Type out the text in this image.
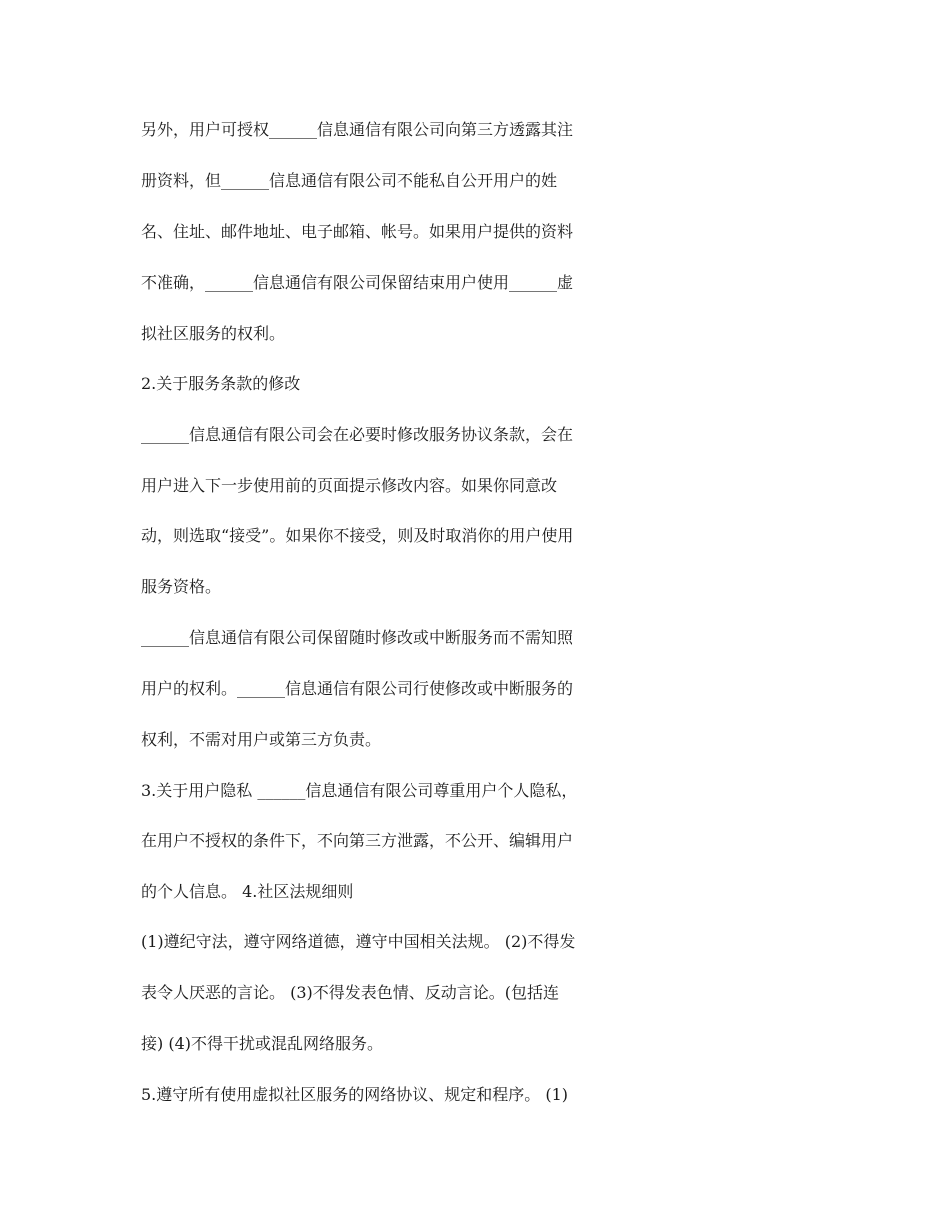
另外，用户可授权______信息通信有限公司向第三方透露其注
册资料，但______信息通信有限公司不能私自公开用户的姓
名、住址、邮件地址、电子邮箱、帐号。如果用户提供的资料
不准确，______信息通信有限公司保留结束用户使用______虚
拟社区服务的权利。
2.关于服务条款的修改
______信息通信有限公司会在必要时修改服务协议条款，会在
用户进入下一步使用前的页面提示修改内容。如果你同意改
动，则选取“接受”。如果你不接受，则及时取消你的用户使用
服务资格。
______信息通信有限公司保留随时修改或中断服务而不需知照
用户的权利。______信息通信有限公司行使修改或中断服务的
权利，不需对用户或第三方负责。
3.关于用户隐私 ______信息通信有限公司尊重用户个人隐私，
在用户不授权的条件下，不向第三方泄露，不公开、编辑用户
的个人信息。 4.社区法规细则
(1)遵纪守法，遵守网络道德，遵守中国相关法规。 (2)不得发
表令人厌恶的言论。 (3)不得发表色情、反动言论。(包括连
接) (4)不得干扰或混乱网络服务。
5.遵守所有使用虚拟社区服务的网络协议、规定和程序。 (1)
